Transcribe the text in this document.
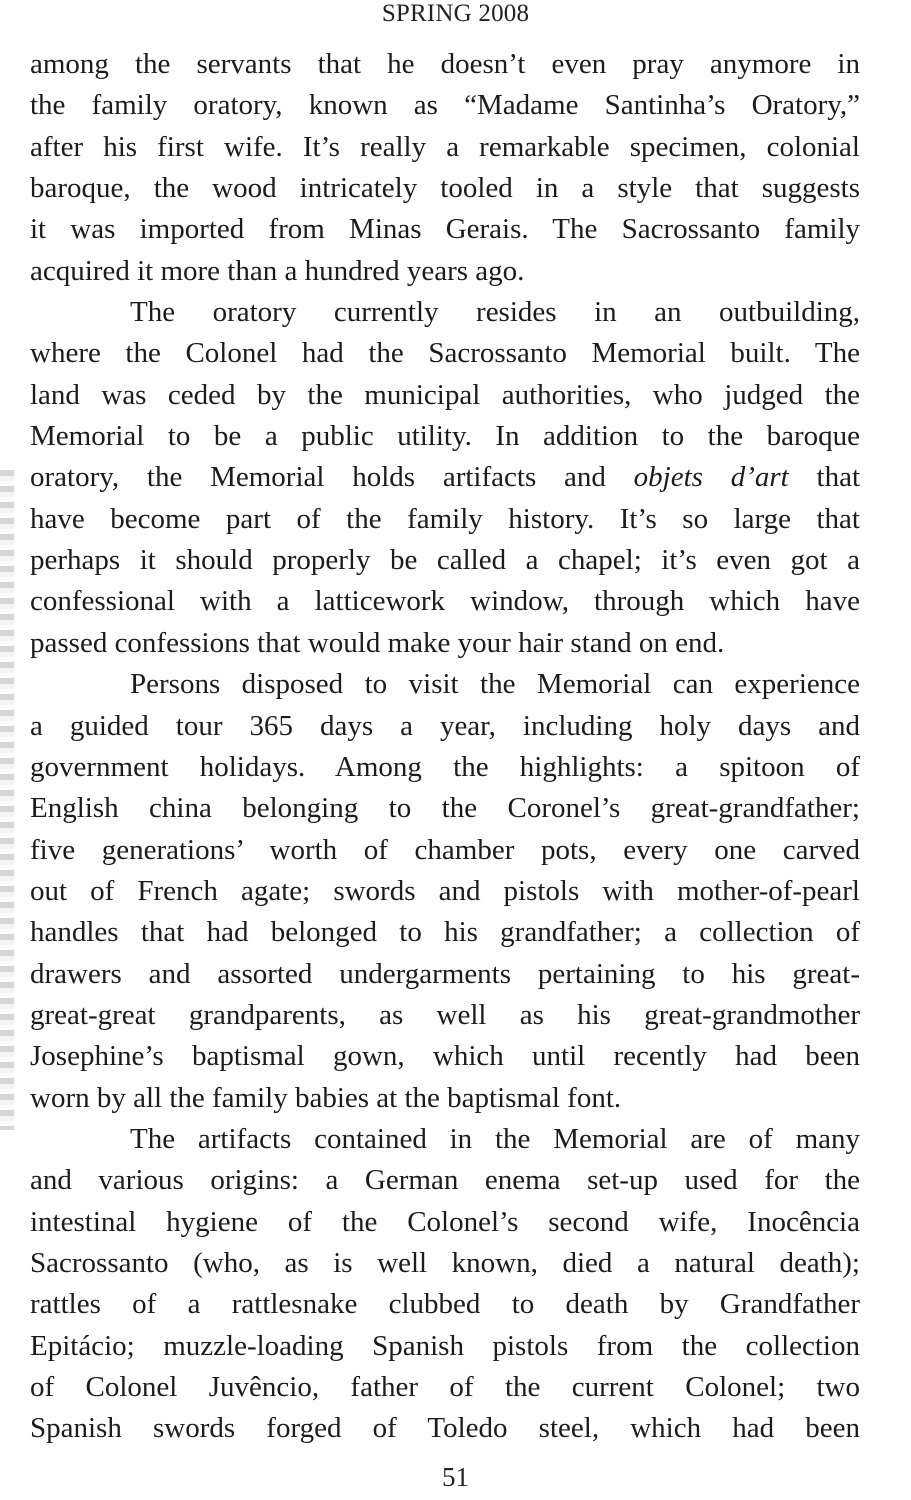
SPRING 2008
among the servants that he doesn’t even pray anymore in
the family oratory, known as “Madame Santinha’s Oratory,”
after his first wife. It’s really a remarkable specimen, colonial
baroque, the wood intricately tooled in a style that suggests
it was imported from Minas Gerais. The Sacrossanto family
acquired it more than a hundred years ago.
The oratory currently resides in an outbuilding,
where the Colonel had the Sacrossanto Memorial built. The
land was ceded by the municipal authorities, who judged the
Memorial to be a public utility. In addition to the baroque
oratory, the Memorial holds artifacts and objets d’art that
have become part of the family history. It’s so large that
perhaps it should properly be called a chapel; it’s even got a
confessional with a latticework window, through which have
passed confessions that would make your hair stand on end.
Persons disposed to visit the Memorial can experience
a guided tour 365 days a year, including holy days and
government holidays. Among the highlights: a spitoon of
English china belonging to the Coronel’s great-grandfather;
five generations’ worth of chamber pots, every one carved
out of French agate; swords and pistols with mother-of-pearl
handles that had belonged to his grandfather; a collection of
drawers and assorted undergarments pertaining to his great-
great-great grandparents, as well as his great-grandmother
Josephine’s baptismal gown, which until recently had been
worn by all the family babies at the baptismal font.
The artifacts contained in the Memorial are of many
and various origins: a German enema set-up used for the
intestinal hygiene of the Colonel’s second wife, Inocência
Sacrossanto (who, as is well known, died a natural death);
rattles of a rattlesnake clubbed to death by Grandfather
Epitácio; muzzle-loading Spanish pistols from the collection
of Colonel Juvêncio, father of the current Colonel; two
Spanish swords forged of Toledo steel, which had been
51
